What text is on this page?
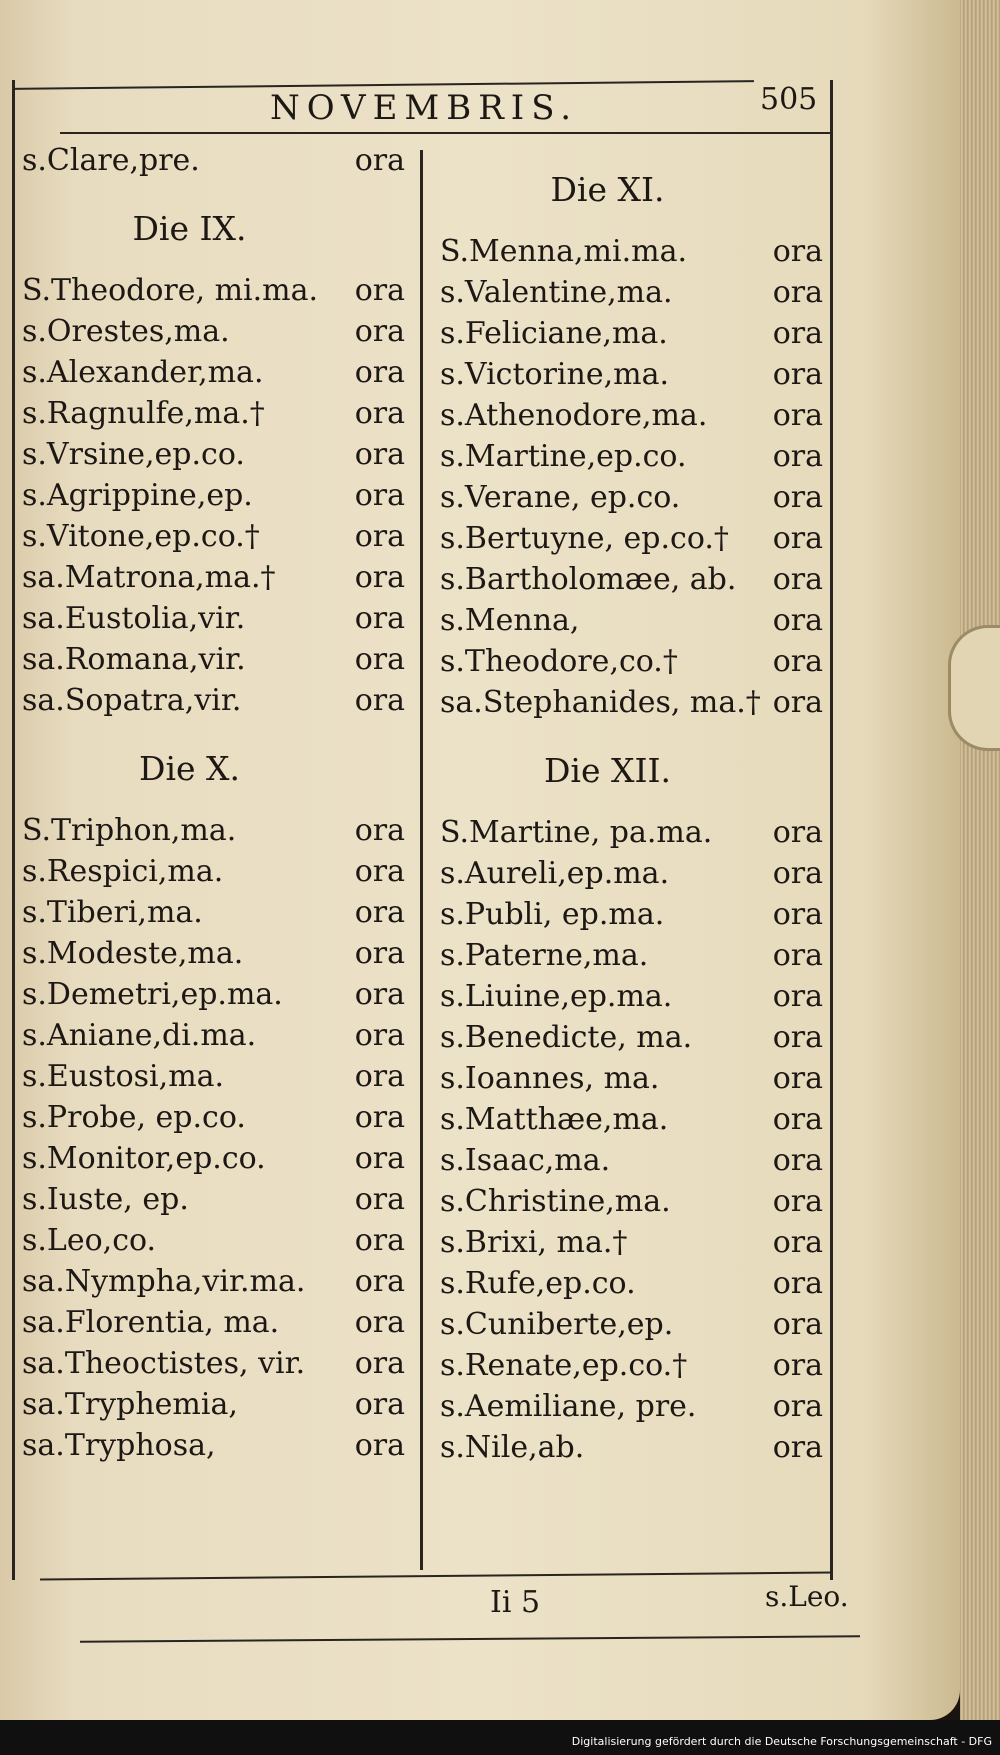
NOVEMBRIS.	505
s.Clare,pre.	ora
Die IX.
S.Theodore, mi.ma. ora
s.Orestes,ma.	ora
s.Alexander,ma.	ora
s.Ragnulfe,ma.†	ora
s.Vrsine,ep.co.	ora
s.Agrippine,ep.	ora
s.Vitone,ep.co.†	ora
sa.Matrona,ma.†	ora
sa.Eustolia,vir.	ora
sa.Romana,vir.	ora
sa.Sopatra,vir.	ora
Die X.
S.Triphon,ma.	ora
s.Respici,ma.	ora
s.Tiberi,ma.	ora
s.Modeste,ma.	ora
s.Demetri,ep.ma. ora
s.Aniane,di.ma.	ora
s.Eustosi,ma.	ora
s.Probe, ep.co.	ora
s.Monitor,ep.co.	ora
s.Iuste, ep.	ora
s.Leo,co.	ora
sa.Nympha,vir.ma. ora
sa.Florentia, ma.	ora
sa.Theoctistes, vir. ora
sa.Tryphemia,	ora
sa.Tryphosa,	ora
Die XI.
S.Menna,mi.ma.	ora
s.Valentine,ma.	ora
s.Feliciane,ma.	ora
s.Victorine,ma.	ora
s.Athenodore,ma. ora
s.Martine,ep.co.	ora
s.Verane, ep.co.	ora
s.Bertuyne, ep.co.† ora
s.Bartholomæe, ab. ora
s.Menna,	ora
s.Theodore,co.†	ora
sa.Stephanides, ma.† ora
Die XII.
S.Martine, pa.ma. ora
s.Aureli,ep.ma.	ora
s.Publi, ep.ma.	ora
s.Paterne,ma.	ora
s.Liuine,ep.ma.	ora
s.Benedicte, ma.	ora
s.Ioannes, ma.	ora
s.Matthæe,ma.	ora
s.Isaac,ma.	ora
s.Christine,ma.	ora
s.Brixi, ma.†	ora
s.Rufe,ep.co.	ora
s.Cuniberte,ep.	ora
s.Renate,ep.co.†	ora
s.Aemiliane, pre.	ora
s.Nile,ab.	ora
Ii 5	s.Leo.
Digitalisierung gefördert durch die Deutsche Forschungsgemeinschaft - DFG
